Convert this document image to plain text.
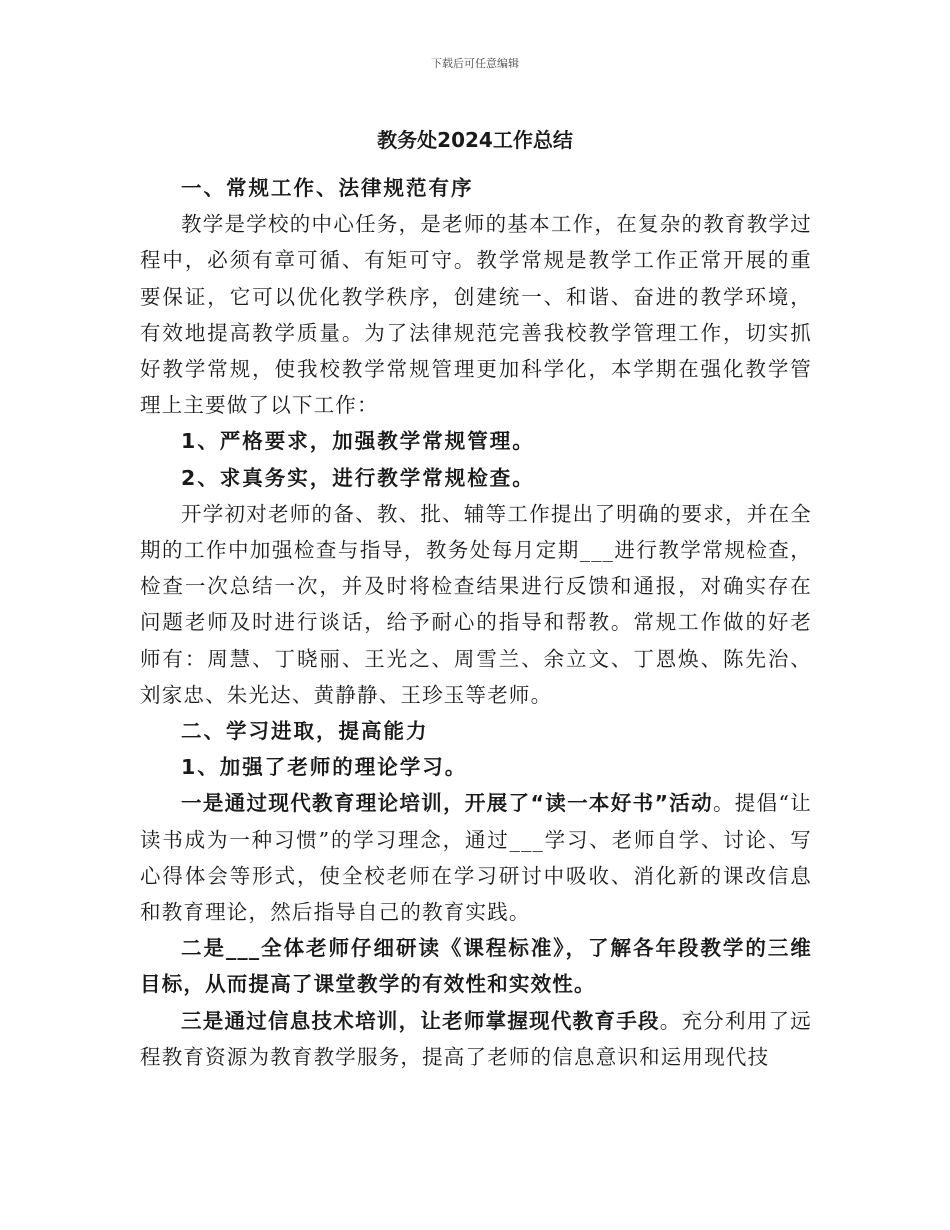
下载后可任意编辑
教务处2024工作总结

一、常规工作、法律规范有序

教学是学校的中心任务，是老师的基本工作，在复杂的教育教学过程中，必须有章可循、有矩可守。教学常规是教学工作正常开展的重要保证，它可以优化教学秩序，创建统一、和谐、奋进的教学环境，有效地提高教学质量。为了法律规范完善我校教学管理工作，切实抓好教学常规，使我校教学常规管理更加科学化，本学期在强化教学管理上主要做了以下工作：

1、严格要求，加强教学常规管理。

2、求真务实，进行教学常规检查。

开学初对老师的备、教、批、辅等工作提出了明确的要求，并在全期的工作中加强检查与指导，教务处每月定期___进行教学常规检查，检查一次总结一次，并及时将检查结果进行反馈和通报，对确实存在问题老师及时进行谈话，给予耐心的指导和帮教。常规工作做的好老师有：周慧、丁晓丽、王光之、周雪兰、余立文、丁恩焕、陈先治、刘家忠、朱光达、黄静静、王珍玉等老师。

二、学习进取，提高能力

1、加强了老师的理论学习。

一是通过现代教育理论培训，开展了“读一本好书”活动。提倡“让读书成为一种习惯”的学习理念，通过___学习、老师自学、讨论、写心得体会等形式，使全校老师在学习研讨中吸收、消化新的课改信息和教育理论，然后指导自己的教育实践。

二是___全体老师仔细研读《课程标准》，了解各年段教学的三维目标，从而提高了课堂教学的有效性和实效性。

三是通过信息技术培训，让老师掌握现代教育手段。充分利用了远程教育资源为教育教学服务，提高了老师的信息意识和运用现代技
